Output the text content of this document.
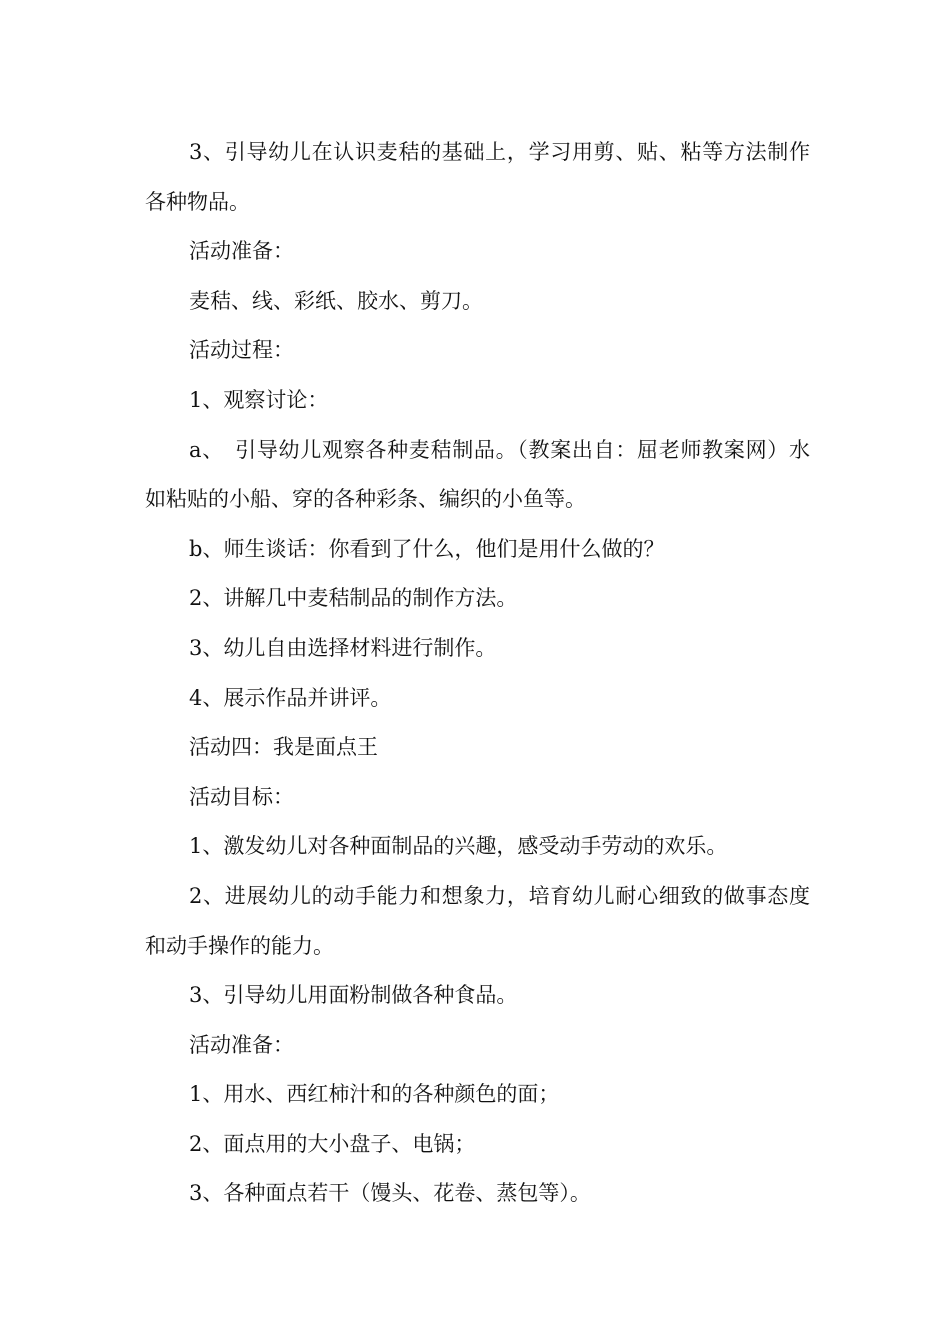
3、引导幼儿在认识麦秸的基础上，学习用剪、贴、粘等方法制作各种物品。

活动准备：

麦秸、线、彩纸、胶水、剪刀。

活动过程：

1、观察讨论：

a、　引导幼儿观察各种麦秸制品。（教案出自：屈老师教案网）水如粘贴的小船、穿的各种彩条、编织的小鱼等。

b、师生谈话：你看到了什么，他们是用什么做的？

2、讲解几中麦秸制品的制作方法。

3、幼儿自由选择材料进行制作。

4、展示作品并讲评。

活动四：我是面点王

活动目标：

1、激发幼儿对各种面制品的兴趣，感受动手劳动的欢乐。

2、进展幼儿的动手能力和想象力，培育幼儿耐心细致的做事态度和动手操作的能力。

3、引导幼儿用面粉制做各种食品。

活动准备：

1、用水、西红柿汁和的各种颜色的面；

2、面点用的大小盘子、电锅；

3、各种面点若干（馒头、花卷、蒸包等）。
